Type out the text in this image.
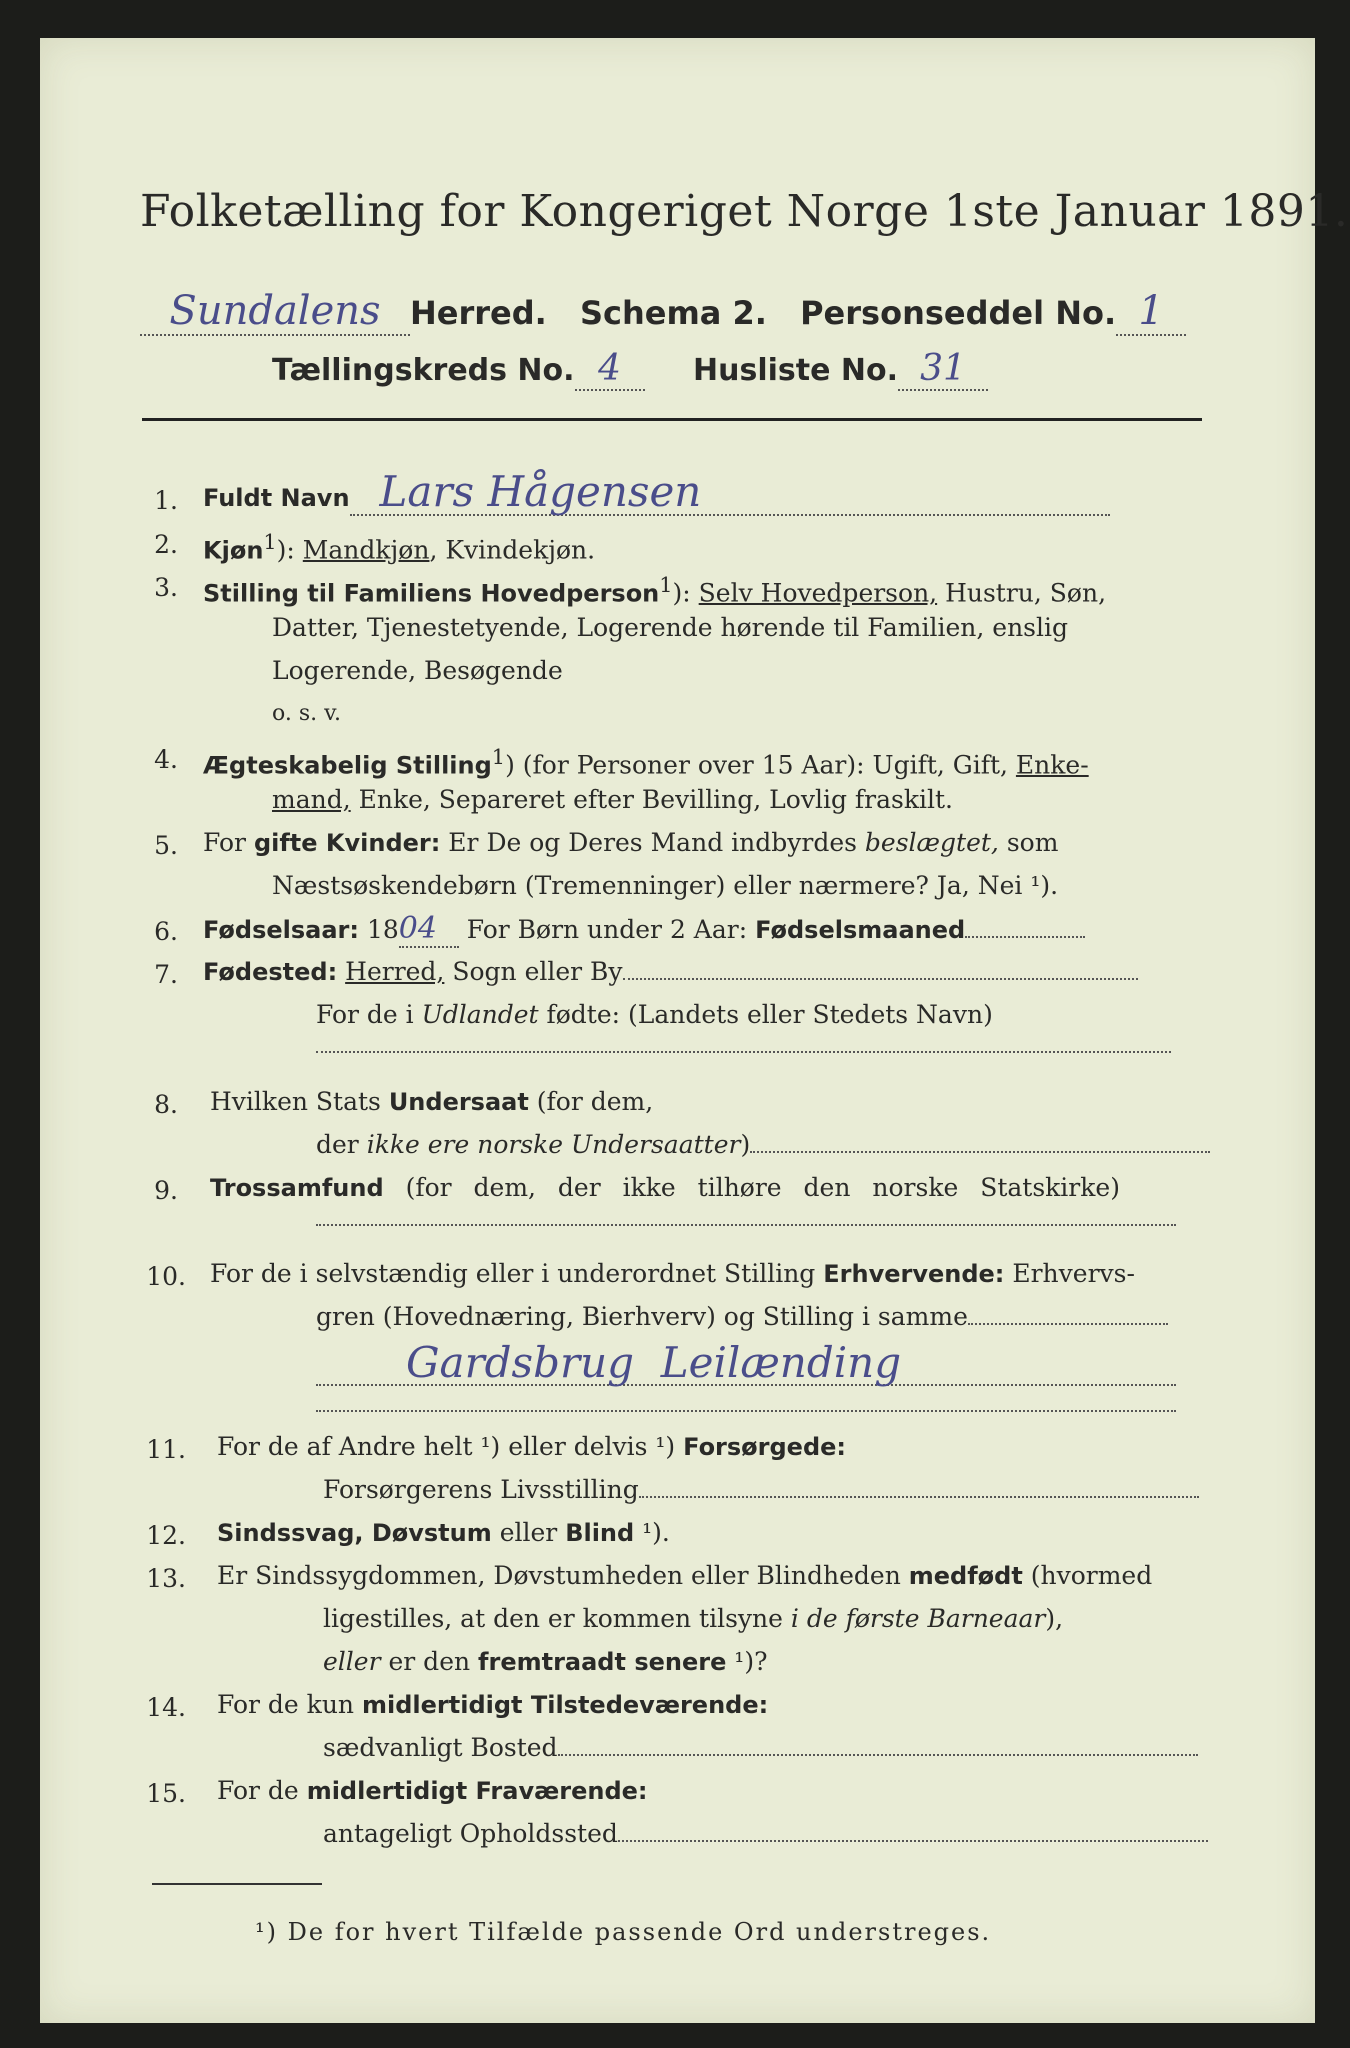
Folketælling for Kongeriget Norge 1ste Januar 1891.
Sundalens Herred. Schema 2. Personseddel No. 1
Tællingskreds No. 4 Husliste No. 31
1. Fuldt Navn Lars Hågensen
2. Kjøn$^1$): Mandkjøn, Kvindekjøn.
3. Stilling til Familiens Hovedperson$^1$): Selv Hovedperson, Hustru, Søn,
Datter, Tjenestetyende, Logerende hørende til Familien, enslig
Logerende, Besøgende
o. s. v.
4. Ægteskabelig Stilling$^1$) (for Personer over 15 Aar): Ugift, Gift, Enke-
mand, Enke, Separeret efter Bevilling, Lovlig fraskilt.
5. For gifte Kvinder: Er De og Deres Mand indbyrdes beslægtet, som
Næstsøskendebørn (Tremenninger) eller nærmere? Ja, Nei ¹).
6. Fødselsaar: 1804 For Børn under 2 Aar: Fødselsmaaned
7. Fødested: Herred, Sogn eller By
For de i Udlandet fødte: (Landets eller Stedets Navn)
8. Hvilken Stats Undersaat (for dem,
der ikke ere norske Undersaatter)
9. Trossamfund (for dem, der ikke tilhøre den norske Statskirke)
10. For de i selvstændig eller i underordnet Stilling Erhvervende: Erhvervs-
gren (Hovednæring, Bierhverv) og Stilling i samme
Gardsbrug  Leilænding
11. For de af Andre helt ¹) eller delvis ¹) Forsørgede:
Forsørgerens Livsstilling
12. Sindssvag, Døvstum eller Blind ¹).
13. Er Sindssygdommen, Døvstumheden eller Blindheden medfødt (hvormed
ligestilles, at den er kommen tilsyne i de første Barneaar),
eller er den fremtraadt senere ¹)?
14. For de kun midlertidigt Tilstedeværende:
sædvanligt Bosted
15. For de midlertidigt Fraværende:
antageligt Opholdssted
¹) De for hvert Tilfælde passende Ord understreges.
